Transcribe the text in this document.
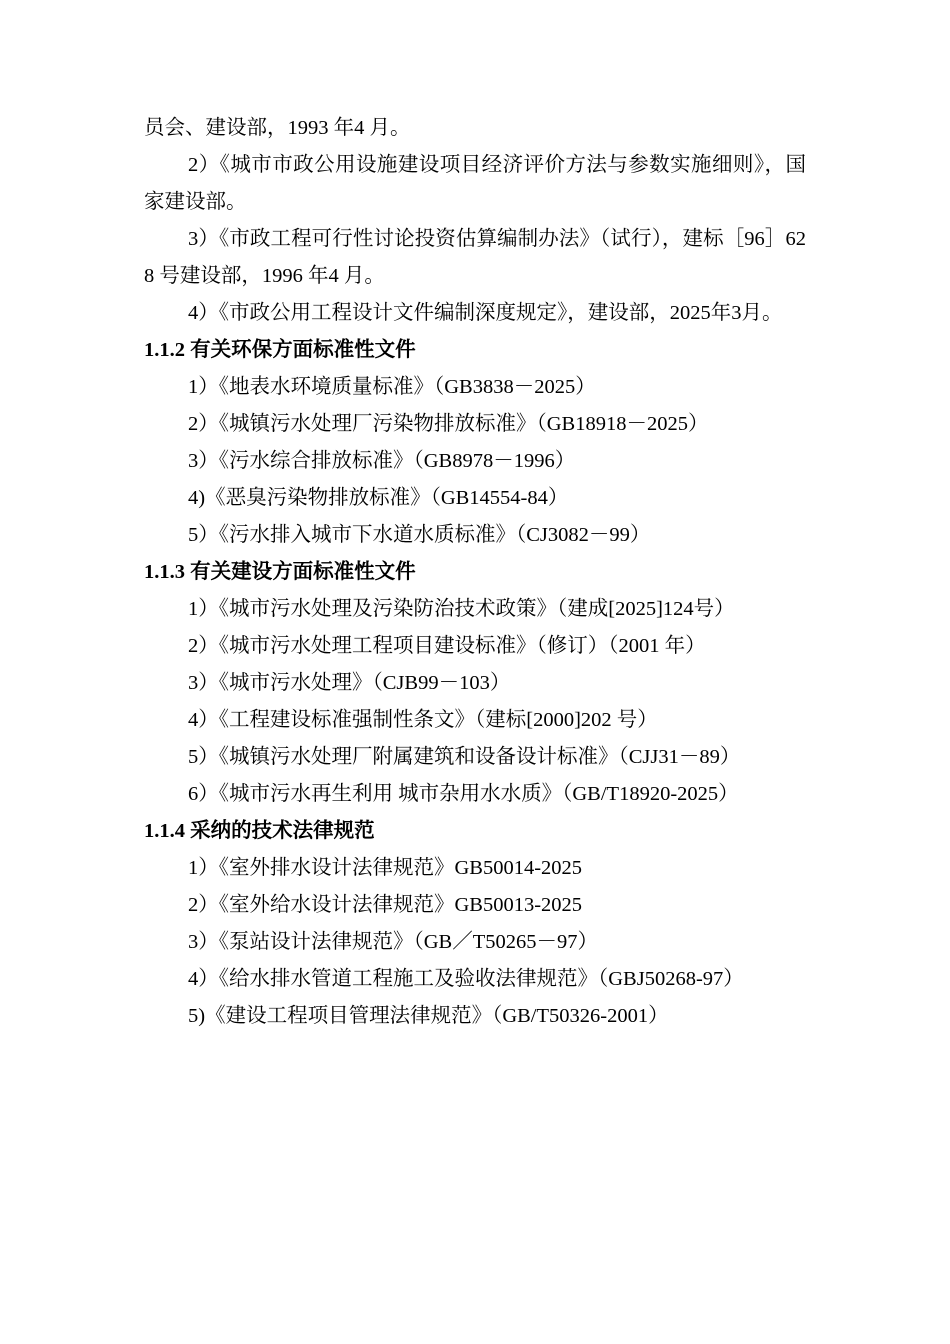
员会、建设部，1993 年4 月。

2）《城市市政公用设施建设项目经济评价方法与参数实施细则》，国家建设部。

3）《市政工程可行性讨论投资估算编制办法》（试行），建标［96］628 号建设部，1996 年4 月。

4）《市政公用工程设计文件编制深度规定》，建设部，2025年3月。

1.1.2 有关环保方面标准性文件

1）《地表水环境质量标准》（GB3838－2025）

2）《城镇污水处理厂污染物排放标准》（GB18918－2025）

3）《污水综合排放标准》（GB8978－1996）

4)《恶臭污染物排放标准》（GB14554-84）

5）《污水排入城市下水道水质标准》（CJ3082－99）

1.1.3 有关建设方面标准性文件

1）《城市污水处理及污染防治技术政策》（建成[2025]124号）

2）《城市污水处理工程项目建设标准》（修订）（2001 年）

3）《城市污水处理》（CJB99－103）

4）《工程建设标准强制性条文》（建标[2000]202 号）

5）《城镇污水处理厂附属建筑和设备设计标准》（CJJ31－89）

6）《城市污水再生利用 城市杂用水水质》（GB/T18920-2025）

1.1.4 采纳的技术法律规范

1）《室外排水设计法律规范》GB50014-2025

2）《室外给水设计法律规范》GB50013-2025

3）《泵站设计法律规范》（GB／T50265－97）

4）《给水排水管道工程施工及验收法律规范》（GBJ50268-97）

5)《建设工程项目管理法律规范》（GB/T50326-2001）
